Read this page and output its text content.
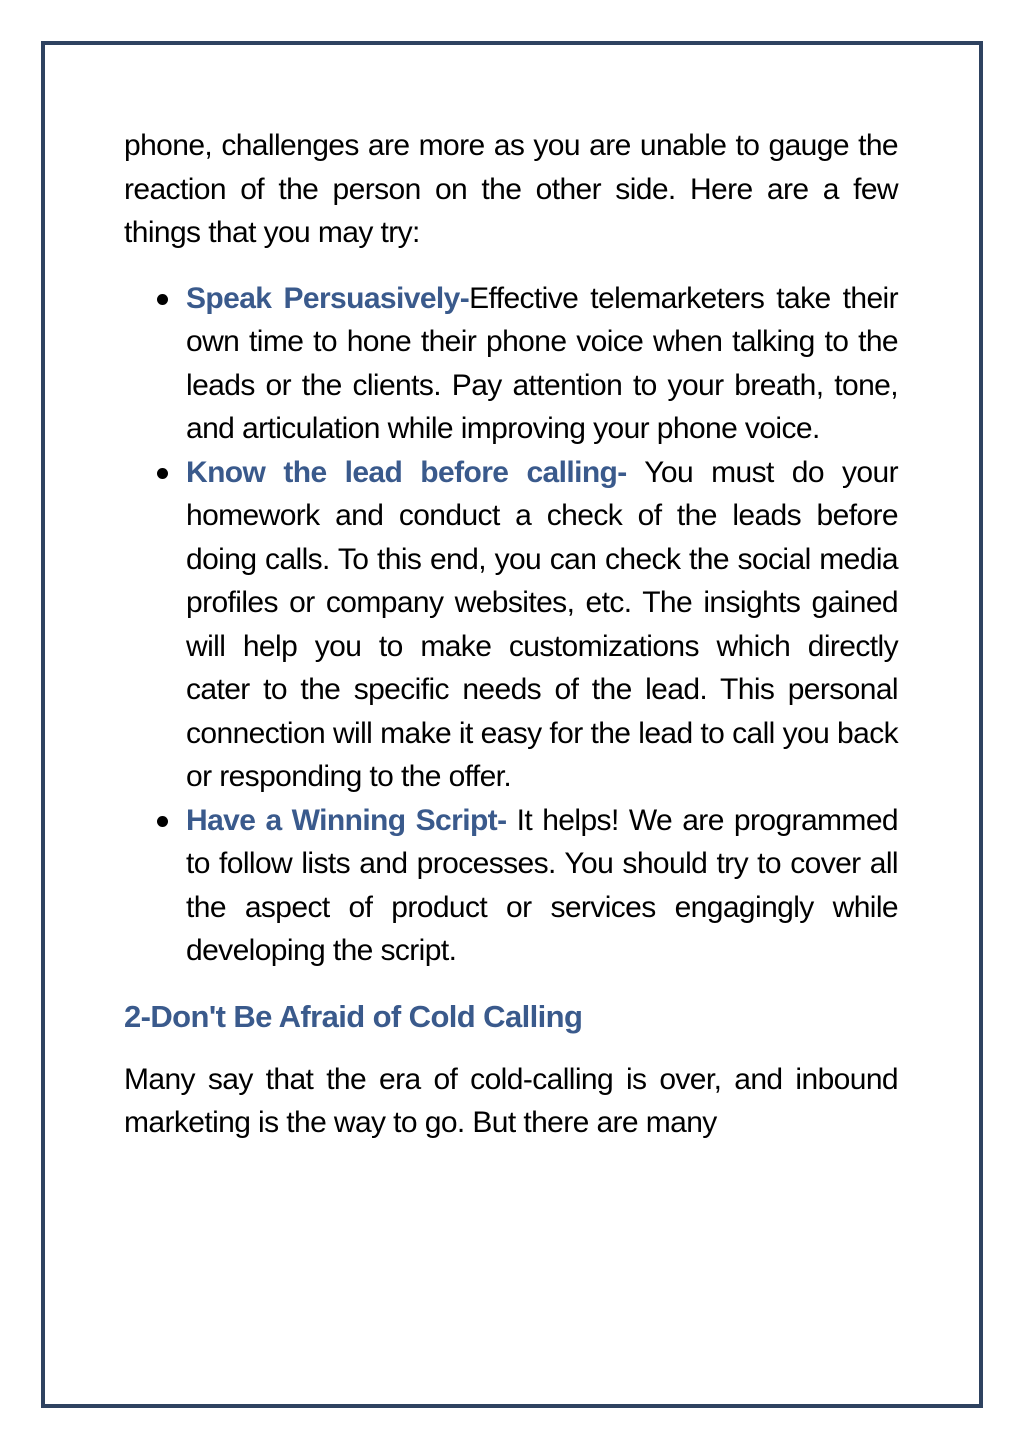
phone, challenges are more as you are unable to gauge the reaction of the person on the other side. Here are a few things that you may try:

Speak Persuasively-Effective telemarketers take their own time to hone their phone voice when talking to the leads or the clients. Pay attention to your breath, tone, and articulation while improving your phone voice.
Know the lead before calling- You must do your homework and conduct a check of the leads before doing calls. To this end, you can check the social media profiles or company websites, etc. The insights gained will help you to make customizations which directly cater to the specific needs of the lead. This personal connection will make it easy for the lead to call you back or responding to the offer.
Have a Winning Script- It helps! We are programmed to follow lists and processes. You should try to cover all the aspect of product or services engagingly while developing the script.
2-Don't Be Afraid of Cold Calling

Many say that the era of cold-calling is over, and inbound marketing is the way to go. But there are many
